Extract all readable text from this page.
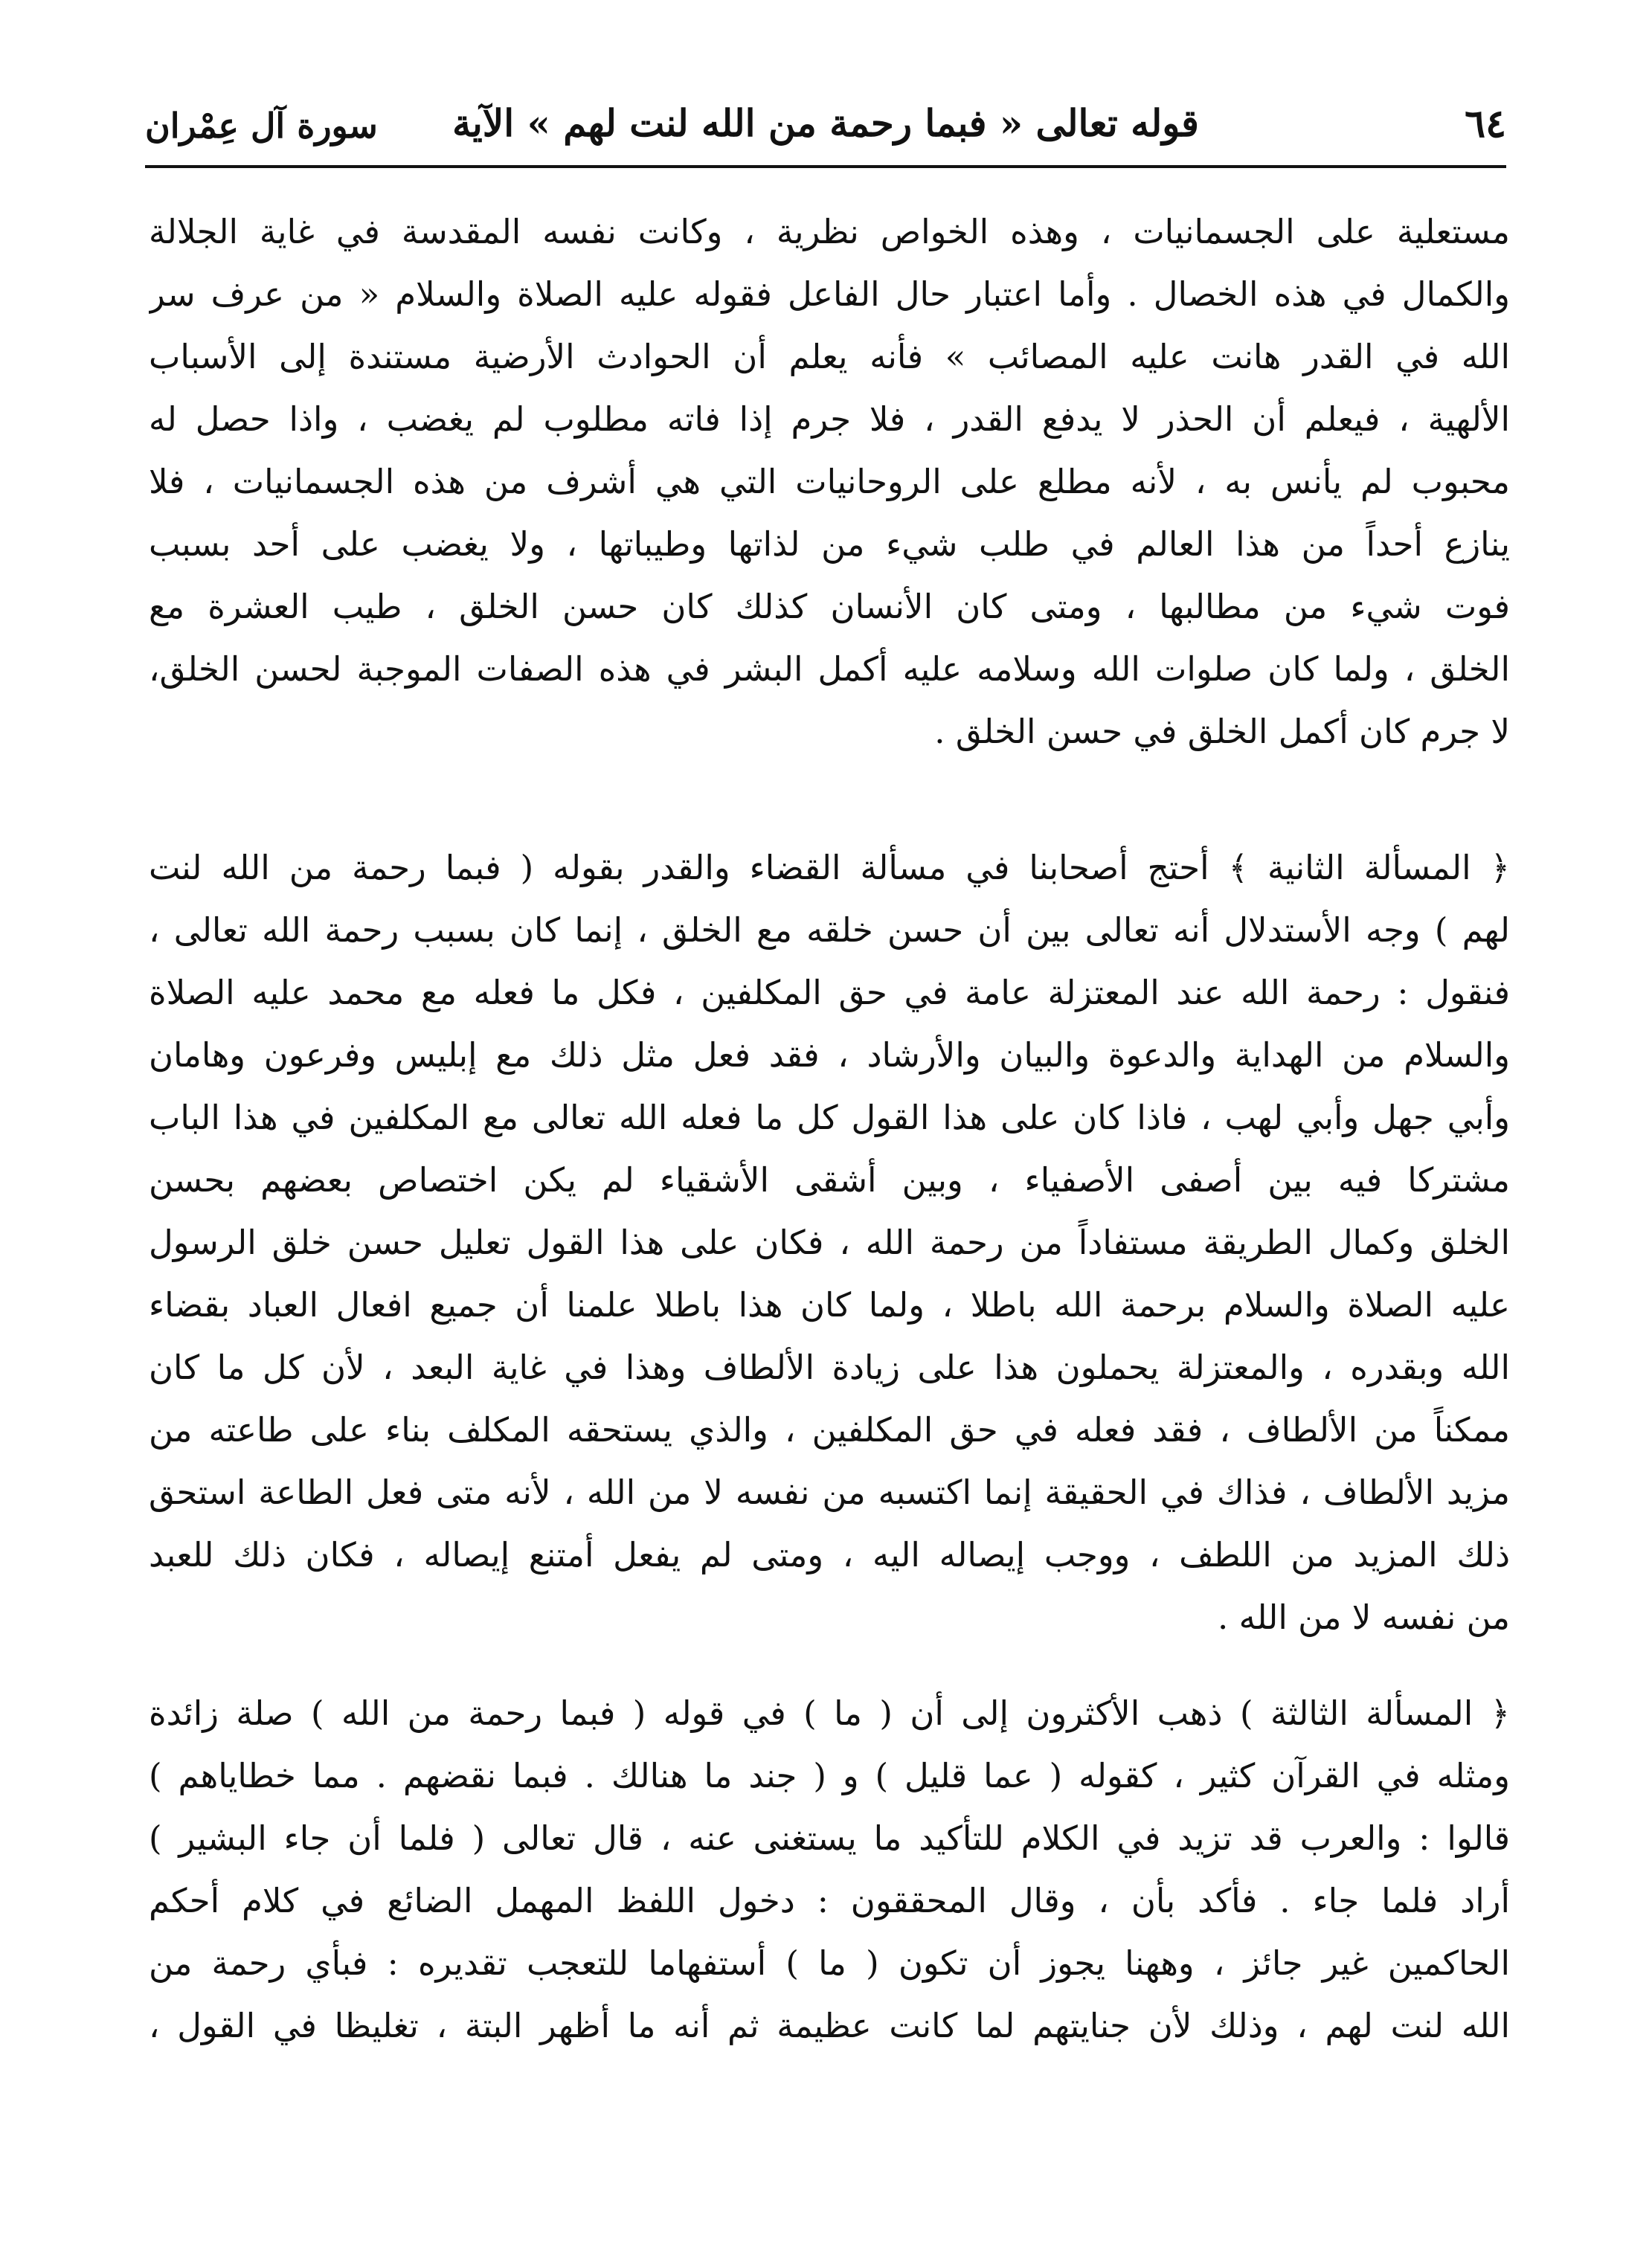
٦٤
قوله تعالى « فبما رحمة من الله لنت لهم » الآية
سورة آل عِمْران
مستعلية على الجسمانيات ، وهذه الخواص نظرية ، وكانت نفسه المقدسة في غاية الجلالة
والكمال في هذه الخصال . وأما اعتبار حال الفاعل فقوله عليه الصلاة والسلام « من عرف سر
الله في القدر هانت عليه المصائب » فأنه يعلم أن الحوادث الأرضية مستندة إلى الأسباب
الألهية ، فيعلم أن الحذر لا يدفع القدر ، فلا جرم إذا فاته مطلوب لم يغضب ، واذا حصل له
محبوب لم يأنس به ، لأنه مطلع على الروحانيات التي هي أشرف من هذه الجسمانيات ، فلا
ينازع أحداً من هذا العالم في طلب شيء من لذاتها وطيباتها ، ولا يغضب على أحد بسبب
فوت شيء من مطالبها ، ومتى كان الأنسان كذلك كان حسن الخلق ، طيب العشرة مع
الخلق ، ولما كان صلوات الله وسلامه عليه أكمل البشر في هذه الصفات الموجبة لحسن الخلق،
لا جرم كان أكمل الخلق في حسن الخلق .
﴿ المسألة الثانية ﴾ أحتج أصحابنا في مسألة القضاء والقدر بقوله ( فبما رحمة من الله لنت
لهم ) وجه الأستدلال أنه تعالى بين أن حسن خلقه مع الخلق ، إنما كان بسبب رحمة الله تعالى ،
فنقول : رحمة الله عند المعتزلة عامة في حق المكلفين ، فكل ما فعله مع محمد عليه الصلاة
والسلام من الهداية والدعوة والبيان والأرشاد ، فقد فعل مثل ذلك مع إبليس وفرعون وهامان
وأبي جهل وأبي لهب ، فاذا كان على هذا القول كل ما فعله الله تعالى مع المكلفين في هذا الباب
مشتركا فيه بين أصفى الأصفياء ، وبين أشقى الأشقياء لم يكن اختصاص بعضهم بحسن
الخلق وكمال الطريقة مستفاداً من رحمة الله ، فكان على هذا القول تعليل حسن خلق الرسول
عليه الصلاة والسلام برحمة الله باطلا ، ولما كان هذا باطلا علمنا أن جميع افعال العباد بقضاء
الله وبقدره ، والمعتزلة يحملون هذا على زيادة الألطاف وهذا في غاية البعد ، لأن كل ما كان
ممكناً من الألطاف ، فقد فعله في حق المكلفين ، والذي يستحقه المكلف بناء على طاعته من
مزيد الألطاف ، فذاك في الحقيقة إنما اكتسبه من نفسه لا من الله ، لأنه متى فعل الطاعة استحق
ذلك المزيد من اللطف ، ووجب إيصاله اليه ، ومتى لم يفعل أمتنع إيصاله ، فكان ذلك للعبد
من نفسه لا من الله .
﴿ المسألة الثالثة ) ذهب الأكثرون إلى أن ( ما ) في قوله ( فبما رحمة من الله ) صلة زائدة
ومثله في القرآن كثير ، كقوله ( عما قليل ) و ( جند ما هنالك . فبما نقضهم . مما خطاياهم )
قالوا : والعرب قد تزيد في الكلام للتأكيد ما يستغنى عنه ، قال تعالى ( فلما أن جاء البشير )
أراد فلما جاء . فأكد بأن ، وقال المحققون : دخول اللفظ المهمل الضائع في كلام أحكم
الحاكمين غير جائز ، وههنا يجوز أن تكون ( ما ) أستفهاما للتعجب تقديره : فبأي رحمة من
الله لنت لهم ، وذلك لأن جنايتهم لما كانت عظيمة ثم أنه ما أظهر البتة ، تغليظا في القول ،
